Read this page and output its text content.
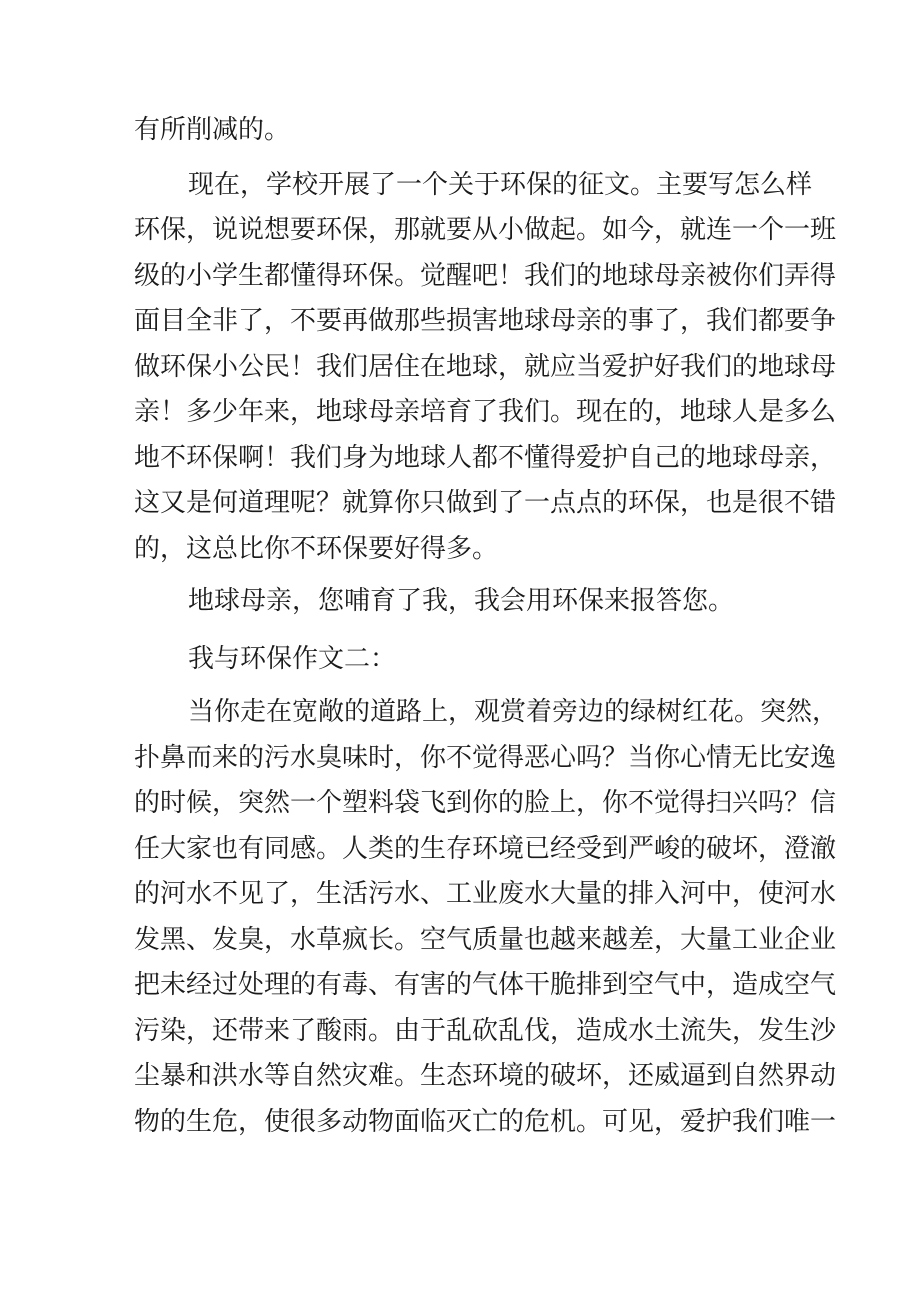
有所削减的。
现在，学校开展了一个关于环保的征文。主要写怎么样
环保，说说想要环保，那就要从小做起。如今，就连一个一班
级的小学生都懂得环保。觉醒吧！我们的地球母亲被你们弄得
面目全非了，不要再做那些损害地球母亲的事了，我们都要争
做环保小公民！我们居住在地球，就应当爱护好我们的地球母
亲！多少年来，地球母亲培育了我们。现在的，地球人是多么
地不环保啊！我们身为地球人都不懂得爱护自己的地球母亲，
这又是何道理呢？就算你只做到了一点点的环保，也是很不错
的，这总比你不环保要好得多。
地球母亲，您哺育了我，我会用环保来报答您。
我与环保作文二：
当你走在宽敞的道路上，观赏着旁边的绿树红花。突然，
扑鼻而来的污水臭味时，你不觉得恶心吗？当你心情无比安逸
的时候，突然一个塑料袋飞到你的脸上，你不觉得扫兴吗？信
任大家也有同感。人类的生存环境已经受到严峻的破坏，澄澈
的河水不见了，生活污水、工业废水大量的排入河中，使河水
发黑、发臭，水草疯长。空气质量也越来越差，大量工业企业
把未经过处理的有毒、有害的气体干脆排到空气中，造成空气
污染，还带来了酸雨。由于乱砍乱伐，造成水土流失，发生沙
尘暴和洪水等自然灾难。生态环境的破坏，还威逼到自然界动
物的生危，使很多动物面临灭亡的危机。可见，爱护我们唯一
